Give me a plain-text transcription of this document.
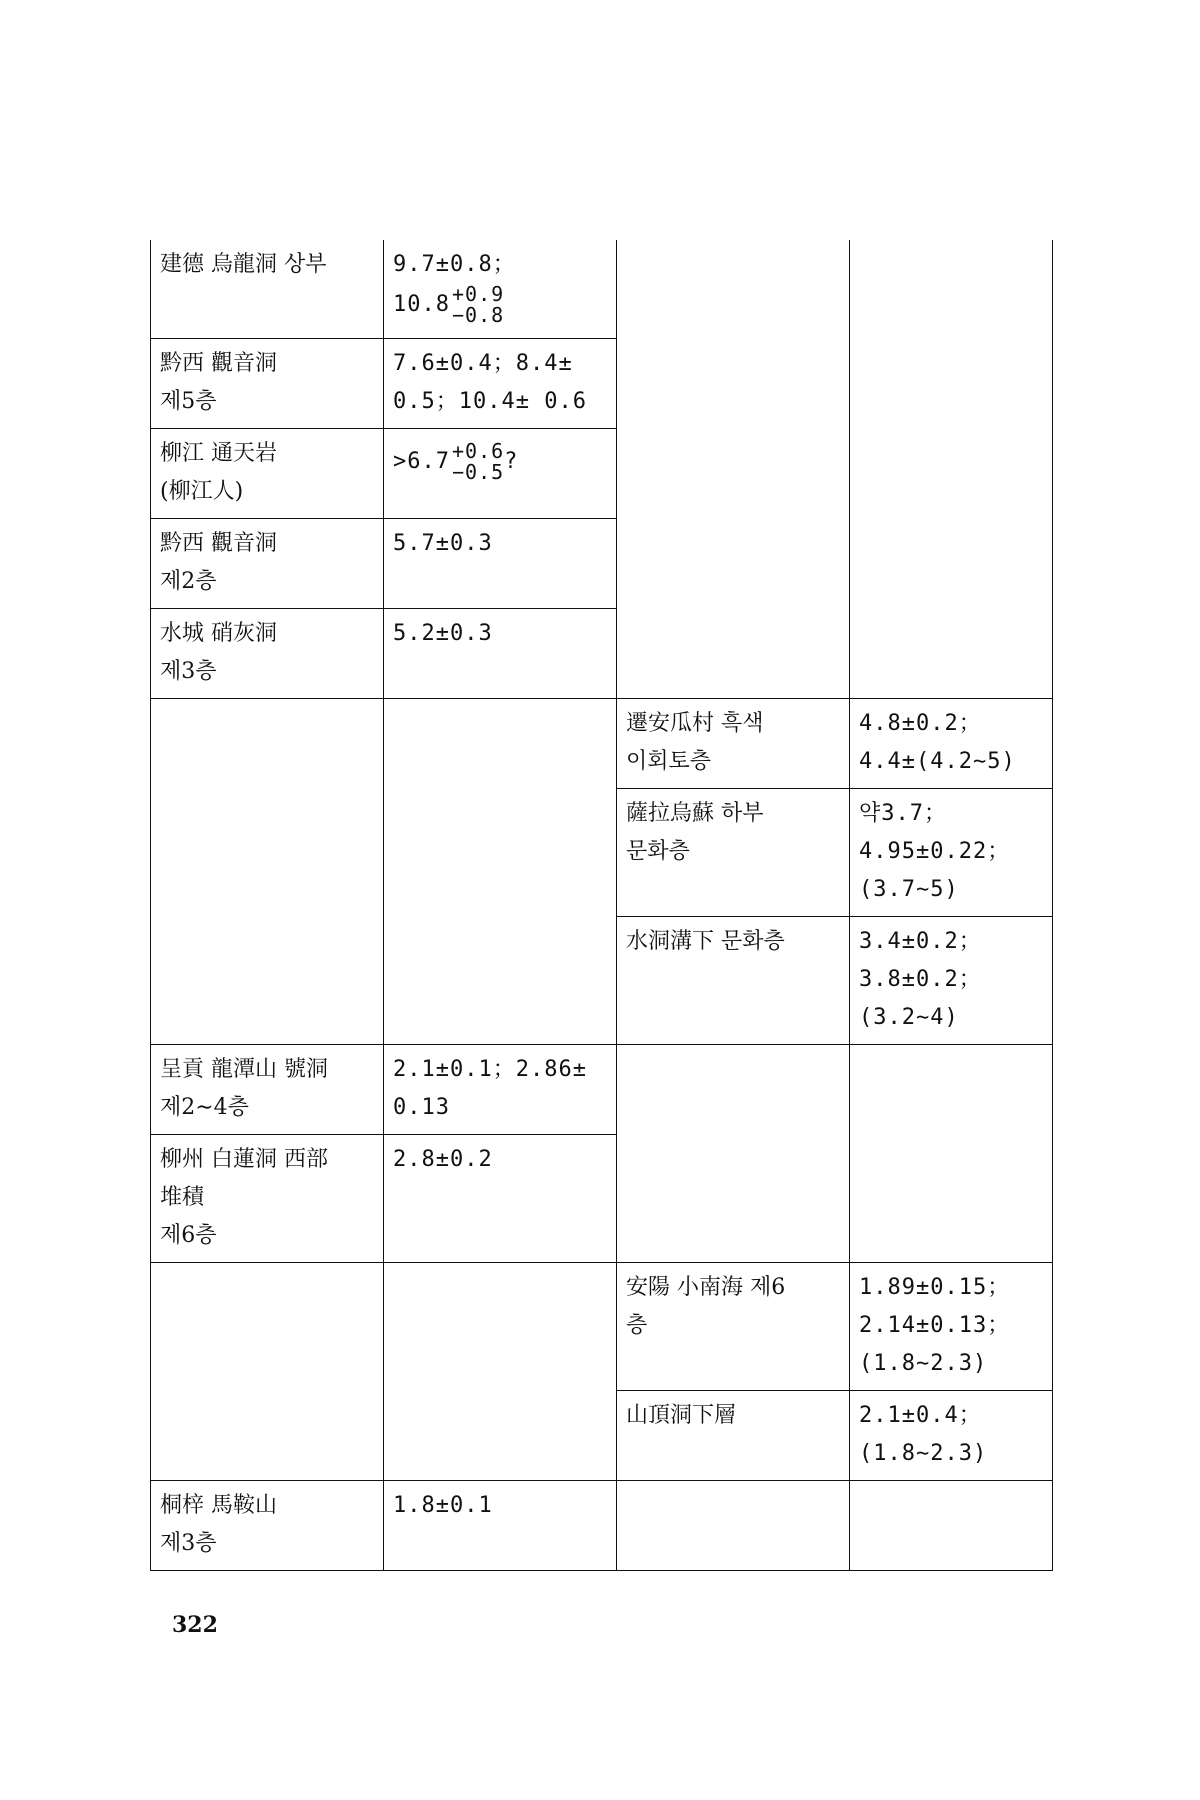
建德 烏龍洞 상부	9.7±0.8；
10.8 +0.9
−0.8		

黔西 觀音洞
제5층	7.6±0.4；8.4±
0.5；10.4± 0.6		

柳江 通天岩
(柳江人)	>6.7 +0.6
−0.5 ?		

黔西 觀音洞
제2층	5.7±0.3		

水城 硝灰洞
제3층	5.2±0.3		

		遷安瓜村 흑색
이회토층	4.8±0.2；
4.4±(4.2∼5)

		薩拉烏蘇 하부
문화층	약3.7；
4.95±0.22；
(3.7∼5)

		水洞溝下 문화층	3.4±0.2；
3.8±0.2；
(3.2∼4)

呈貢 龍潭山 號洞
제2∼4층	2.1±0.1；2.86±
0.13		

柳州 白蓮洞 西部
堆積
제6층	2.8±0.2		

		安陽 小南海 제6
층	1.89±0.15；
2.14±0.13；
(1.8∼2.3)

		山頂洞下層	2.1±0.4；
(1.8∼2.3)

桐梓 馬鞍山
제3층	1.8±0.1		

322
